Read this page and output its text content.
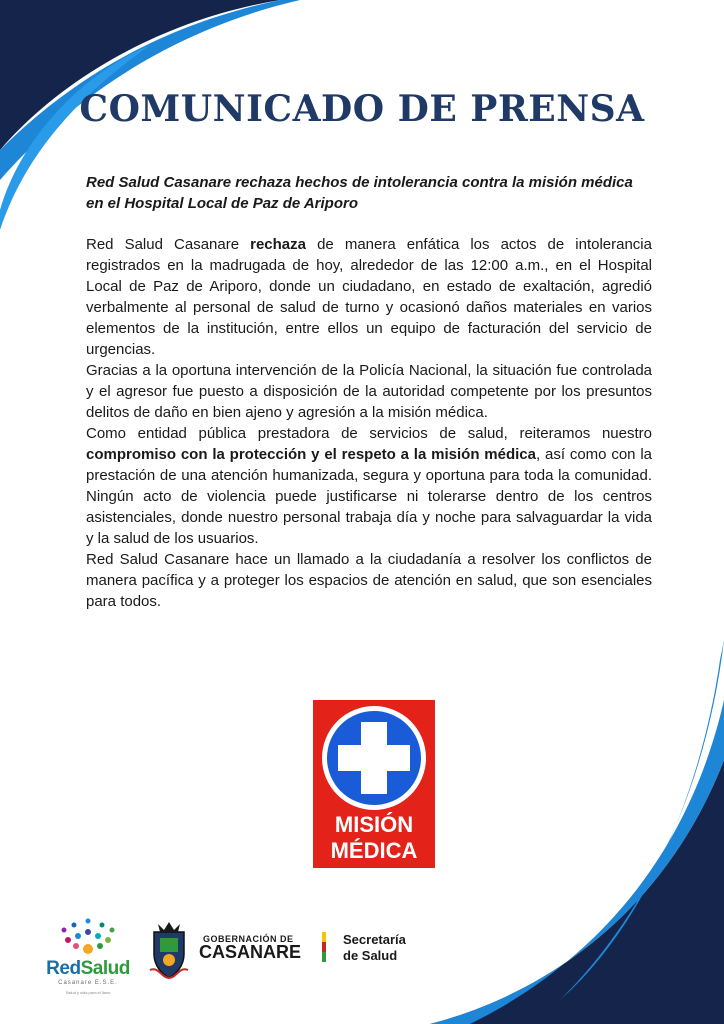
COMUNICADO DE PRENSA

Red Salud Casanare rechaza hechos de intolerancia contra la misión médica en el Hospital Local de Paz de Ariporo

Red Salud Casanare rechaza de manera enfática los actos de intolerancia registrados en la madrugada de hoy, alrededor de las 12:00 a.m., en el Hospital Local de Paz de Ariporo, donde un ciudadano, en estado de exaltación, agredió verbalmente al personal de salud de turno y ocasionó daños materiales en varios elementos de la institución, entre ellos un equipo de facturación del servicio de urgencias.

Gracias a la oportuna intervención de la Policía Nacional, la situación fue controlada y el agresor fue puesto a disposición de la autoridad competente por los presuntos delitos de daño en bien ajeno y agresión a la misión médica.

Como entidad pública prestadora de servicios de salud, reiteramos nuestro compromiso con la protección y el respeto a la misión médica, así como con la prestación de una atención humanizada, segura y oportuna para toda la comunidad. Ningún acto de violencia puede justificarse ni tolerarse dentro de los centros asistenciales, donde nuestro personal trabaja día y noche para salvaguardar la vida y la salud de los usuarios.

Red Salud Casanare hace un llamado a la ciudadanía a resolver los conflictos de manera pacífica y a proteger los espacios de atención en salud, que son esenciales para todos.

MISIÓN
MÉDICA
RedSalud
Casanare E.S.E.
Salud y vida para el llano
GOBERNACIÓN DE
CASANARE
Secretaría
de Salud
